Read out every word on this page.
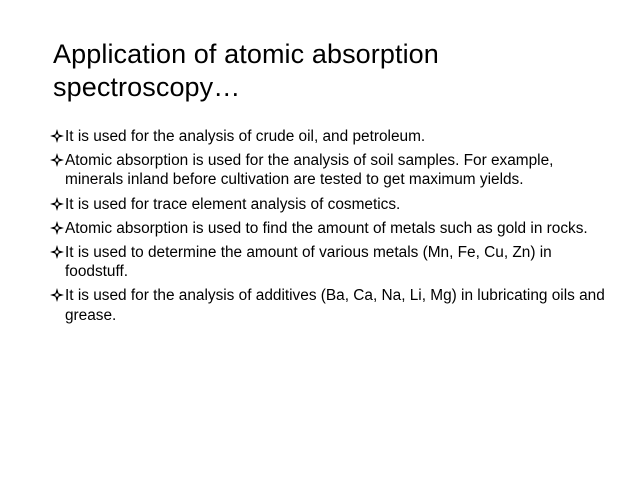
Application of atomic absorption spectroscopy…
It is used for the analysis of crude oil, and petroleum.
Atomic absorption is used for the analysis of soil samples. For example, minerals inland before cultivation are tested to get maximum yields.
It is used for trace element analysis of cosmetics.
Atomic absorption is used to find the amount of metals such as gold in rocks.
It is used to determine the amount of various metals (Mn, Fe, Cu, Zn) in foodstuff.
It is used for the analysis of additives (Ba, Ca, Na, Li, Mg) in lubricating oils and grease.
